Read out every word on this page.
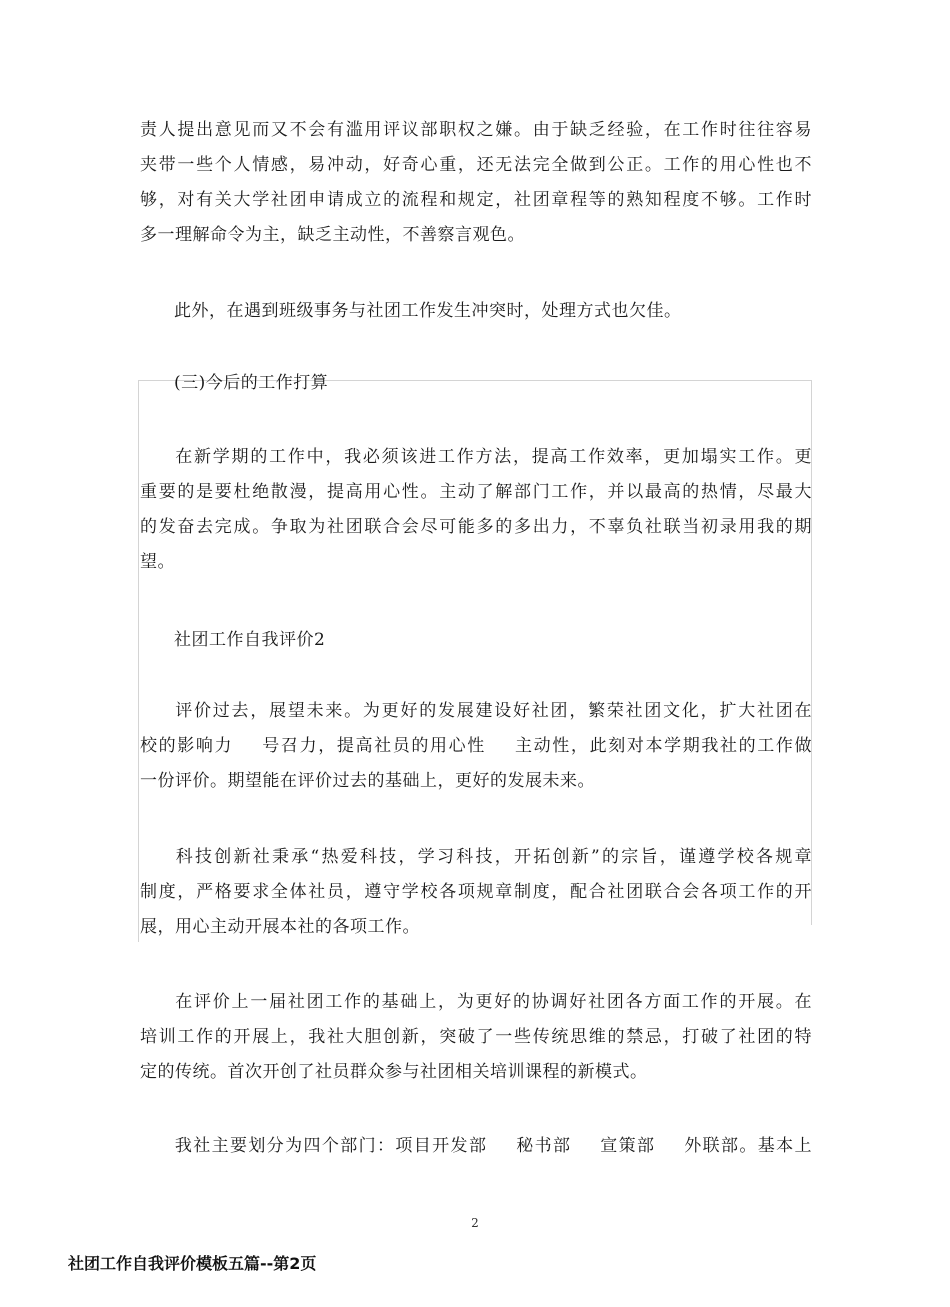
责人提出意见而又不会有滥用评议部职权之嫌。由于缺乏经验，在工作时往往容易
夹带一些个人情感，易冲动，好奇心重，还无法完全做到公正。工作的用心性也不
够，对有关大学社团申请成立的流程和规定，社团章程等的熟知程度不够。工作时
多一理解命令为主，缺乏主动性，不善察言观色。

此外，在遇到班级事务与社团工作发生冲突时，处理方式也欠佳。

(三)今后的工作打算

在新学期的工作中，我必须该进工作方法，提高工作效率，更加塌实工作。更
重要的是要杜绝散漫，提高用心性。主动了解部门工作，并以最高的热情，尽最大
的发奋去完成。争取为社团联合会尽可能多的多出力，不辜负社联当初录用我的期
望。

社团工作自我评价2

评价过去，展望未来。为更好的发展建设好社团，繁荣社团文化，扩大社团在
校的影响力 号召力，提高社员的用心性 主动性，此刻对本学期我社的工作做
一份评价。期望能在评价过去的基础上，更好的发展未来。

科技创新社秉承“热爱科技，学习科技，开拓创新”的宗旨，谨遵学校各规章
制度，严格要求全体社员，遵守学校各项规章制度，配合社团联合会各项工作的开
展，用心主动开展本社的各项工作。

在评价上一届社团工作的基础上，为更好的协调好社团各方面工作的开展。在
培训工作的开展上，我社大胆创新，突破了一些传统思维的禁忌，打破了社团的特
定的传统。首次开创了社员群众参与社团相关培训课程的新模式。

我社主要划分为四个部门：项目开发部 秘书部 宣策部 外联部。基本上

2
社团工作自我评价模板五篇--第2页
